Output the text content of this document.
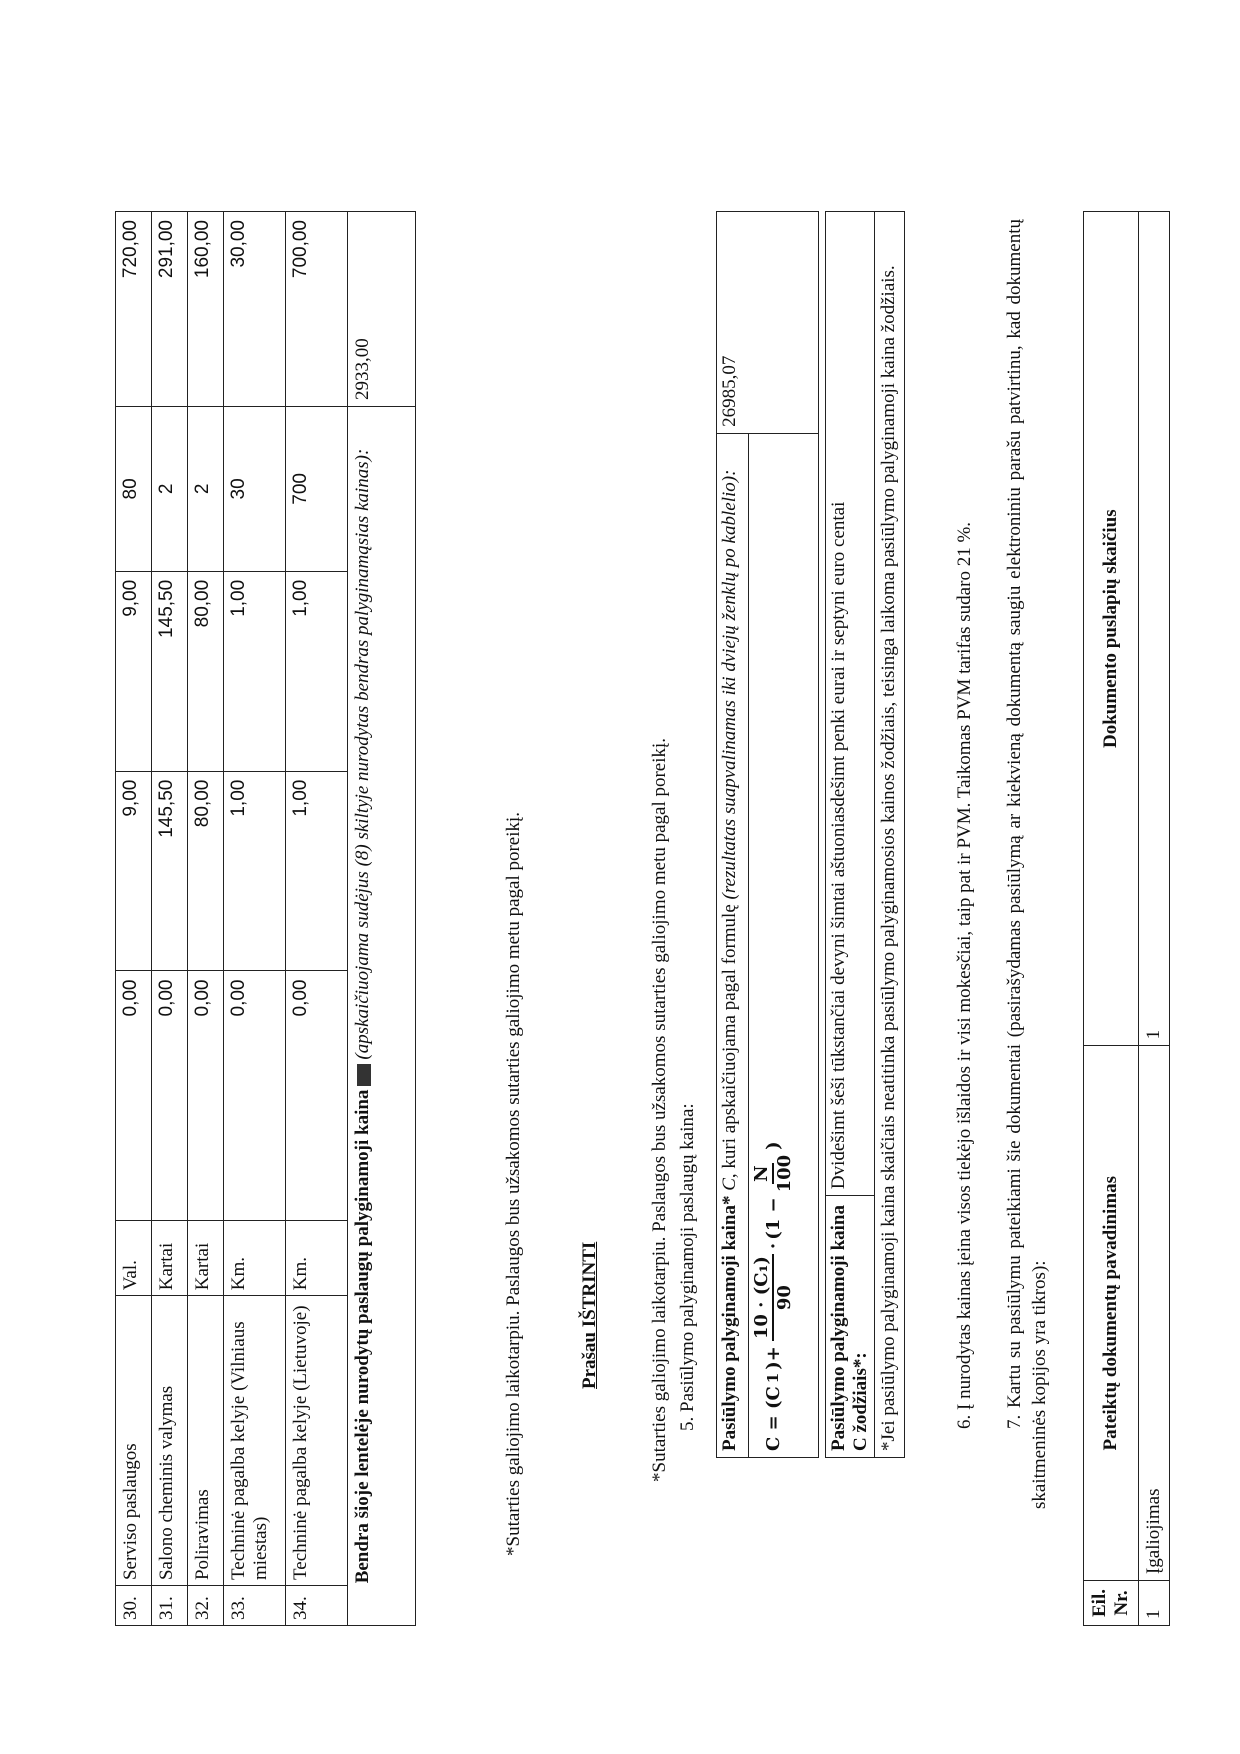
30.	Serviso paslaugos	Val.	0,00	9,00	9,00	80	720,00
31.	Salono cheminis valymas	Kartai	0,00	145,50	145,50	2	291,00
32.	Poliravimas	Kartai	0,00	80,00	80,00	2	160,00
33.	Techninė pagalba kelyje (Vilniaus miestas)	Km.	0,00	1,00	1,00	30	30,00
34.	Techninė pagalba kelyje (Lietuvoje)	Km.	0,00	1,00	1,00	700	700,00
Bendra šioje lentelėje nurodytų paslaugų palyginamoji kaina(apskaičiuojama sudėjus (8) skiltyje nurodytas bendras palyginamąsias kainas):							2933,00
*Sutarties galiojimo laikotarpiu. Paslaugos bus užsakomos sutarties galiojimo metu pagal poreikį.	Prašau IŠTRINTI	*Sutarties galiojimo laikotarpiu. Paslaugos bus užsakomos sutarties galiojimo metu pagal poreikį. 5. Pasiūlymo palyginamoji paslaugų kaina: Pasiūlymo palyginamoji kaina* C, kuri apskaičiuojama pagal formulę (rezultatas suapvalinamas iki dviejų ženklų po kablelio):	26985,07

C = (C
1
)+
10 · (C₁) 90
·
(1 −
N 100
)
Pasiūlymo palyginamoji kaina C žodžiais*:	Dvidešimt šeši tūkstančiai devyni šimtai aštuoniasdešimt penki eurai ir septyni euro centai
*Jei pasiūlymo palyginamoji kaina skaičiais neatitinka pasiūlymo palyginamosios kainos žodžiais, teisinga laikoma pasiūlymo palyginamoji kaina žodžiais.	6. Į nurodytas kainas įeina visos tiekėjo išlaidos ir visi mokesčiai, taip pat ir PVM. Taikomas PVM tarifas sudaro 21 %. 7. Kartu su pasiūlymu pateikiami šie dokumentai (pasirašydamas pasiūlymą ar kiekvieną dokumentą saugiu elektroniniu parašu patvirtinu, kad dokumentų skaitmeninės kopijos yra tikros):
Eil. Nr.	Pateiktų dokumentų pavadinimas	Dokumento puslapių skaičius
1	Įgaliojimas	1
